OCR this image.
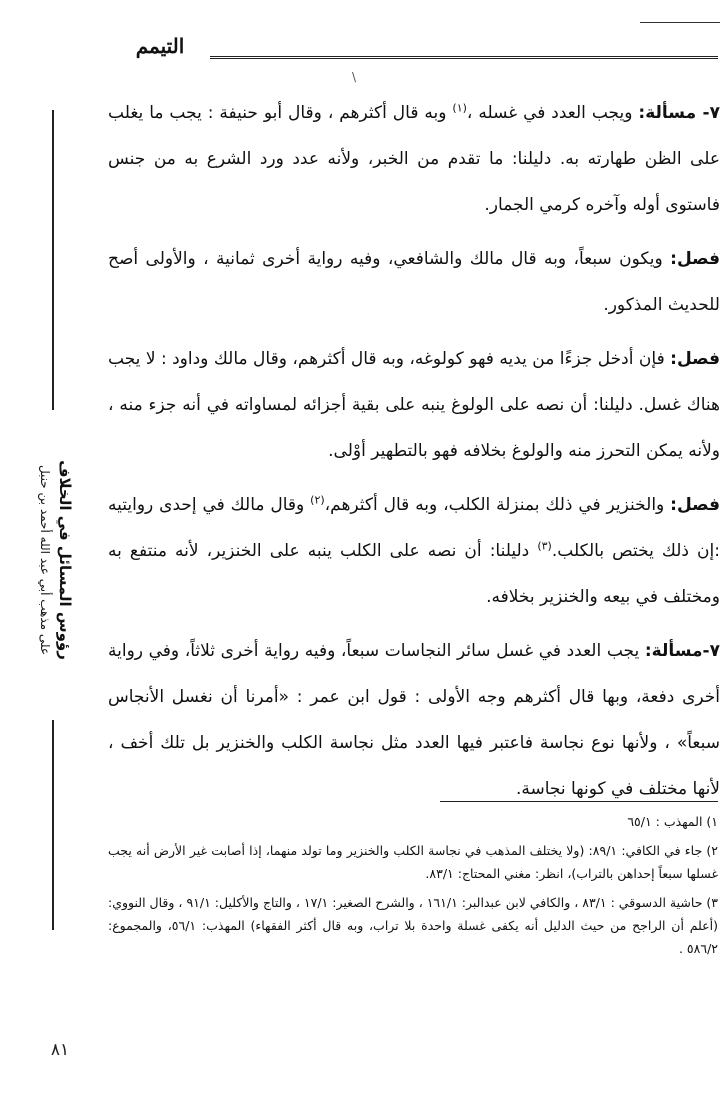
التيمم
\

٧- مسألة: ويجب العدد في غسله ،$^{(١)}$ وبه قال أكثرهم ، وقال أبو حنيفة : يجب ما يغلب على الظن طهارته به. دليلنا: ما تقدم من الخبر، ولأنه عدد ورد الشرع به من جنس فاستوى أوله وآخره كرمي الجمار.

فصل: ويكون سبعاً، وبه قال مالك والشافعي، وفيه رواية أخرى ثمانية ، والأولى أصح للحديث المذكور.

فصل: فإن أدخل جزءًا من يديه فهو كولوغه، وبه قال أكثرهم، وقال مالك وداود : لا يجب هناك غسل. دليلنا: أن نصه على الولوغ ينبه على بقية أجزائه لمساواته في أنه جزء منه ، ولأنه يمكن التحرز منه والولوغ بخلافه فهو بالتطهير أوْلى.

فصل: والخنزير في ذلك بمنزلة الكلب، وبه قال أكثرهم،$^{(٢)}$ وقال مالك في إحدى روايتيه :إن ذلك يختص بالكلب.$^{(٣)}$ دليلنا: أن نصه على الكلب ينبه على الخنزير، لأنه منتفع به ومختلف في بيعه والخنزير بخلافه.

٧-مسألة: يجب العدد في غسل سائر النجاسات سبعاً، وفيه رواية أخرى ثلاثاً، وفي رواية أخرى دفعة، وبها قال أكثرهم وجه الأولى : قول ابن عمر : «أمرنا أن نغسل الأنجاس سبعاً» ، ولأنها نوع نجاسة فاعتبر فيها العدد مثل نجاسة الكلب والخنزير بل تلك أخف ، لأنها مختلف في كونها نجاسة.

رؤوس المسائل في الخلاف
على مذهب أبي عبد الله أحمد بن حنبل

١) المهذب : ٦٥/١

٢) جاء في الكافي: ٨٩/١: (ولا يختلف المذهب في نجاسة الكلب والخنزير وما تولد منهما، إذا أصابت غير الأرض أنه يجب غسلها سبعاً إحداهن بالتراب)، انظر: مغني المحتاج: ٨٣/١.

٣) حاشية الدسوقي : ٨٣/١ ، والكافي لابن عبدالبر: ١٦١/١ ، والشرح الصغير: ١٧/١ ، والتاج والأكليل: ٩١/١ ، وقال النووي: (أعلم أن الراجح من حيث الدليل أنه يكفى غسلة واحدة بلا تراب، وبه قال أكثر الفقهاء) المهذب: ٥٦/١، والمجموع: ٥٨٦/٢ .

٨١
